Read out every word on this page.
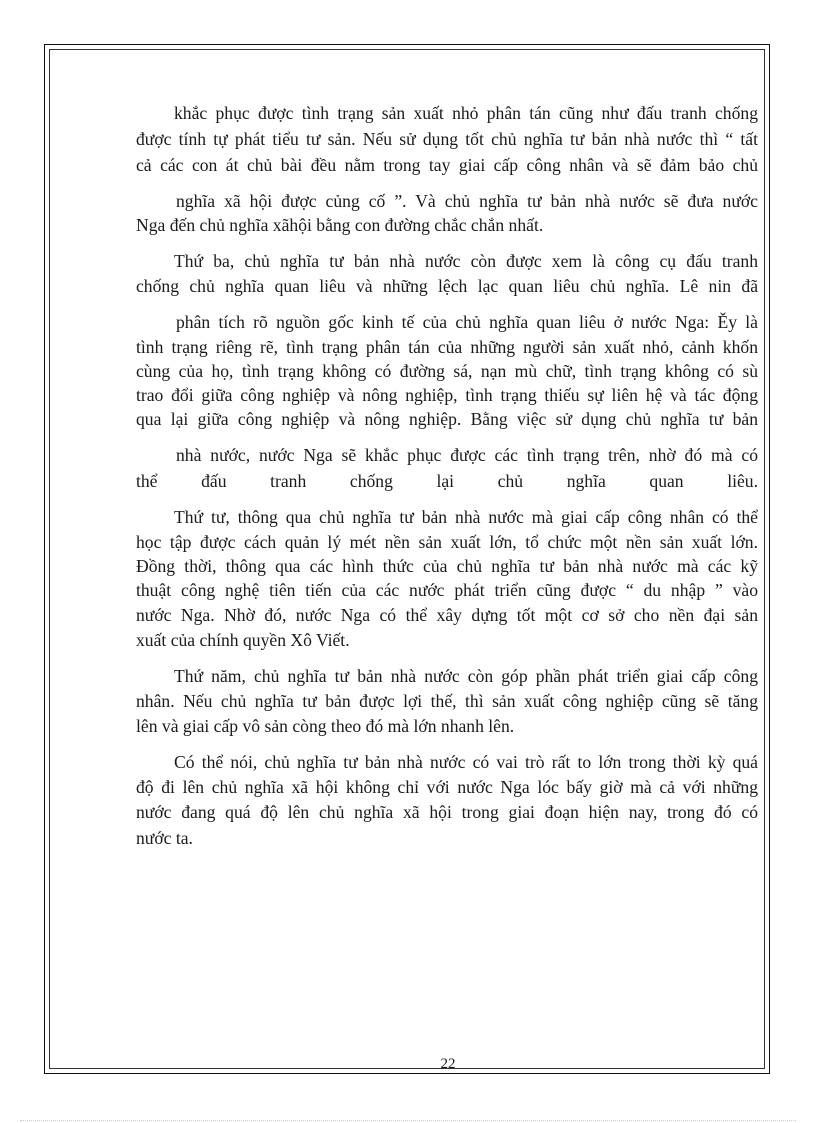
khắc phục được tình trạng sản xuất nhỏ phân tán cũng như đấu tranh chống
được tính tự phát tiểu tư sản. Nếu sử dụng tốt chủ nghĩa tư bản nhà nước thì “ tất
cả các con át chủ bài đều nằm trong tay giai cấp công nhân và sẽ đảm bảo chủ
nghĩa xã hội được củng cố ”. Và chủ nghĩa tư bản nhà nước sẽ đưa nước
Nga đến chủ nghĩa xãhội bằng con đường chắc chắn nhất.
Thứ ba, chủ nghĩa tư bản nhà nước còn được xem là công cụ đấu tranh
chống chủ nghĩa quan liêu và những lệch lạc quan liêu chủ nghĩa. Lê nin đã
phân tích rõ nguồn gốc kinh tế của chủ nghĩa quan liêu ở nước Nga: Ěy là
tình trạng riêng rẽ, tình trạng phân tán của những người sản xuất nhỏ, cảnh khốn
cùng của họ, tình trạng không có đường sá, nạn mù chữ, tình trạng không có sù
trao đổi giữa công nghiệp và nông nghiệp, tình trạng thiếu sự liên hệ và tác động
qua lại giữa công nghiệp và nông nghiệp. Bằng việc sử dụng chủ nghĩa tư bản
nhà nước, nước Nga sẽ khắc phục được các tình trạng trên, nhờ đó mà có
thể đấu tranh chống lại chủ nghĩa quan liêu.
Thứ tư, thông qua chủ nghĩa tư bản nhà nước mà giai cấp công nhân có thể
học tập được cách quản lý mét nền sản xuất lớn, tổ chức một nền sản xuất lớn.
Đồng thời, thông qua các hình thức của chủ nghĩa tư bản nhà nước mà các kỹ
thuật công nghệ tiên tiến của các nước phát triển cũng được “ du nhập ” vào
nước Nga. Nhờ đó, nước Nga có thể xây dựng tốt một cơ sở cho nền đại sản
xuất của chính quyền Xô Viết.
Thứ năm, chủ nghĩa tư bản nhà nước còn góp phần phát triển giai cấp công
nhân. Nếu chủ nghĩa tư bản được lợi thế, thì sản xuất công nghiệp cũng sẽ tăng
lên và giai cấp vô sản còng theo đó mà lớn nhanh lên.
Có thể nói, chủ nghĩa tư bản nhà nước có vai trò rất to lớn trong thời kỳ quá
độ đi lên chủ nghĩa xã hội không chỉ với nước Nga lóc bấy giờ mà cả với những
nước đang quá độ lên chủ nghĩa xã hội trong giai đoạn hiện nay, trong đó có
nước ta.
22
